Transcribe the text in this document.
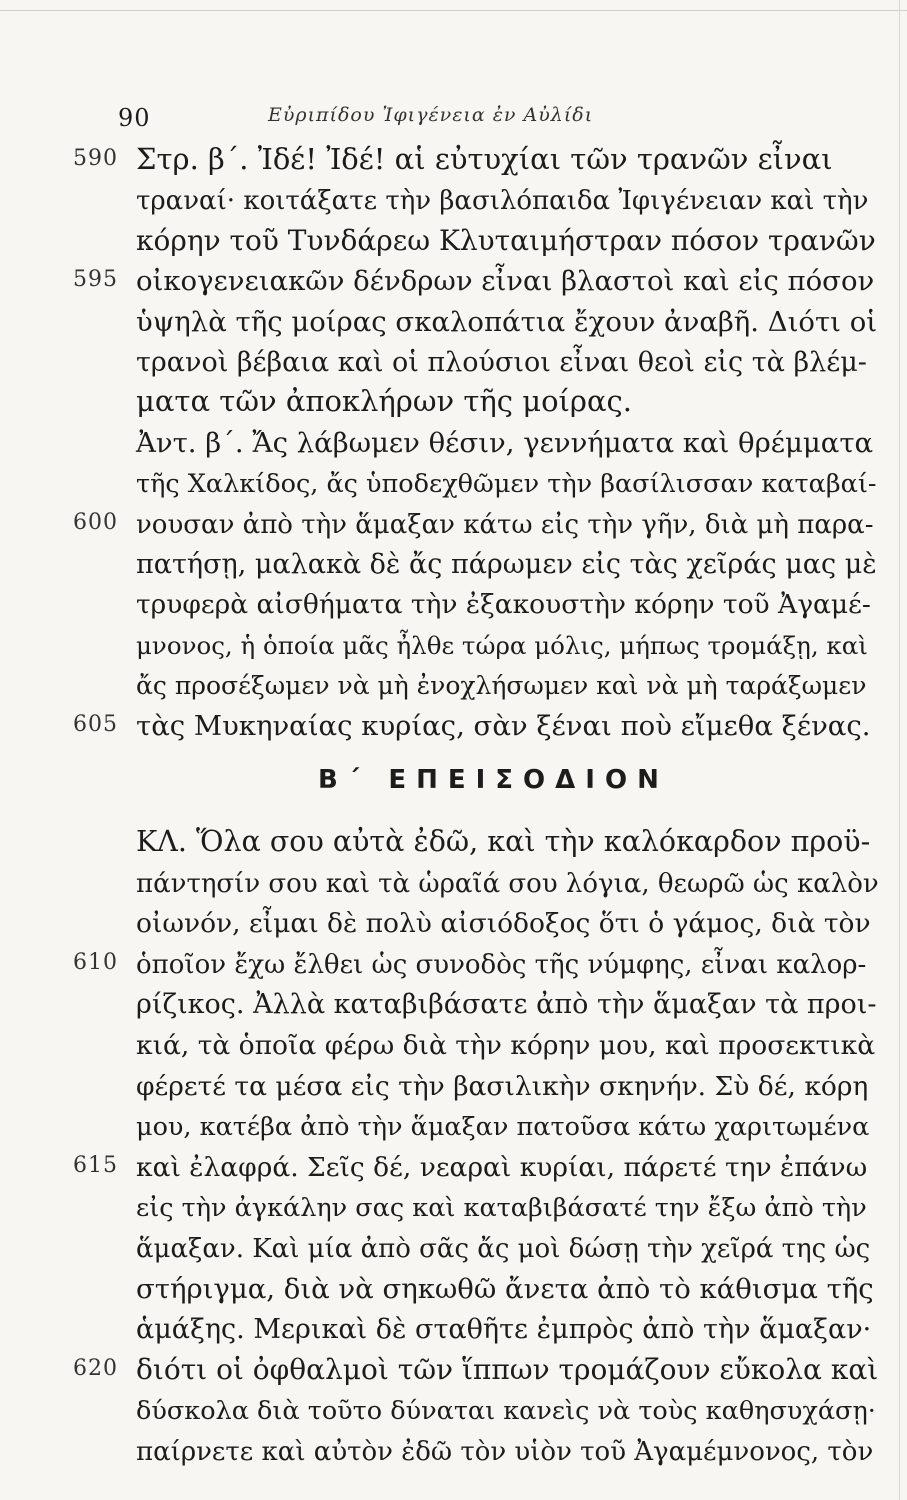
90	Εὐριπίδου Ἰφιγένεια ἐν Αὐλίδι
Β΄ ΕΠΕΙΣΟΔΙΟΝ
590 Στρ. β΄. Ἰδέ! Ἰδέ! αἱ εὐτυχίαι τῶν τρανῶν εἶναι
τραναί· κοιτάξατε τὴν βασιλόπαιδα Ἰφιγένειαν καὶ τὴν
κόρην τοῦ Τυνδάρεω Κλυταιμήστραν πόσον τρανῶν
595 οἰκογενειακῶν δένδρων εἶναι βλαστοὶ καὶ εἰς πόσον
ὑψηλὰ τῆς μοίρας σκαλοπάτια ἔχουν ἀναβῆ. Διότι οἱ
τρανοὶ βέβαια καὶ οἱ πλούσιοι εἶναι θεοὶ εἰς τὰ βλέμ-
ματα τῶν ἀποκλήρων τῆς μοίρας.
Ἀντ. β΄. Ἄς λάβωμεν θέσιν, γεννήματα καὶ θρέμματα
τῆς Χαλκίδος, ἄς ὑποδεχθῶμεν τὴν βασίλισσαν καταβαί-
600 νουσαν ἀπὸ τὴν ἅμαξαν κάτω εἰς τὴν γῆν, διὰ μὴ παρα-
πατήσῃ, μαλακὰ δὲ ἄς πάρωμεν εἰς τὰς χεῖράς μας μὲ
τρυφερὰ αἰσθήματα τὴν ἐξακουστὴν κόρην τοῦ Ἀγαμέ-
μνονος, ἡ ὁποία μᾶς ἦλθε τώρα μόλις, μήπως τρομάξῃ, καὶ
ἄς προσέξωμεν νὰ μὴ ἐνοχλήσωμεν καὶ νὰ μὴ ταράξωμεν
605 τὰς Μυκηναίας κυρίας, σὰν ξέναι ποὺ εἴμεθα ξένας.
ΚΛ. Ὅλα σου αὐτὰ ἐδῶ, καὶ τὴν καλόκαρδον προϋ-
πάντησίν σου καὶ τὰ ὡραῖά σου λόγια, θεωρῶ ὡς καλὸν
οἰωνόν, εἶμαι δὲ πολὺ αἰσιόδοξος ὅτι ὁ γάμος, διὰ τὸν
610 ὁποῖον ἔχω ἔλθει ὡς συνοδὸς τῆς νύμφης, εἶναι καλορ-
ρίζικος. Ἀλλὰ καταβιβάσατε ἀπὸ τὴν ἅμαξαν τὰ προι-
κιά, τὰ ὁποῖα φέρω διὰ τὴν κόρην μου, καὶ προσεκτικὰ
φέρετέ τα μέσα εἰς τὴν βασιλικὴν σκηνήν. Σὺ δέ, κόρη
μου, κατέβα ἀπὸ τὴν ἅμαξαν πατοῦσα κάτω χαριτωμένα
615 καὶ ἐλαφρά. Σεῖς δέ, νεαραὶ κυρίαι, πάρετέ την ἐπάνω
εἰς τὴν ἀγκάλην σας καὶ καταβιβάσατέ την ἔξω ἀπὸ τὴν
ἅμαξαν. Καὶ μία ἀπὸ σᾶς ἄς μοὶ δώσῃ τὴν χεῖρά της ὡς
στήριγμα, διὰ νὰ σηκωθῶ ἄνετα ἀπὸ τὸ κάθισμα τῆς
ἁμάξης. Μερικαὶ δὲ σταθῆτε ἐμπρὸς ἀπὸ τὴν ἅμαξαν·
620 διότι οἱ ὀφθαλμοὶ τῶν ἵππων τρομάζουν εὔκολα καὶ
δύσκολα διὰ τοῦτο δύναται κανεὶς νὰ τοὺς καθησυχάσῃ·
παίρνετε καὶ αὐτὸν ἐδῶ τὸν υἱὸν τοῦ Ἀγαμέμνονος, τὸν
